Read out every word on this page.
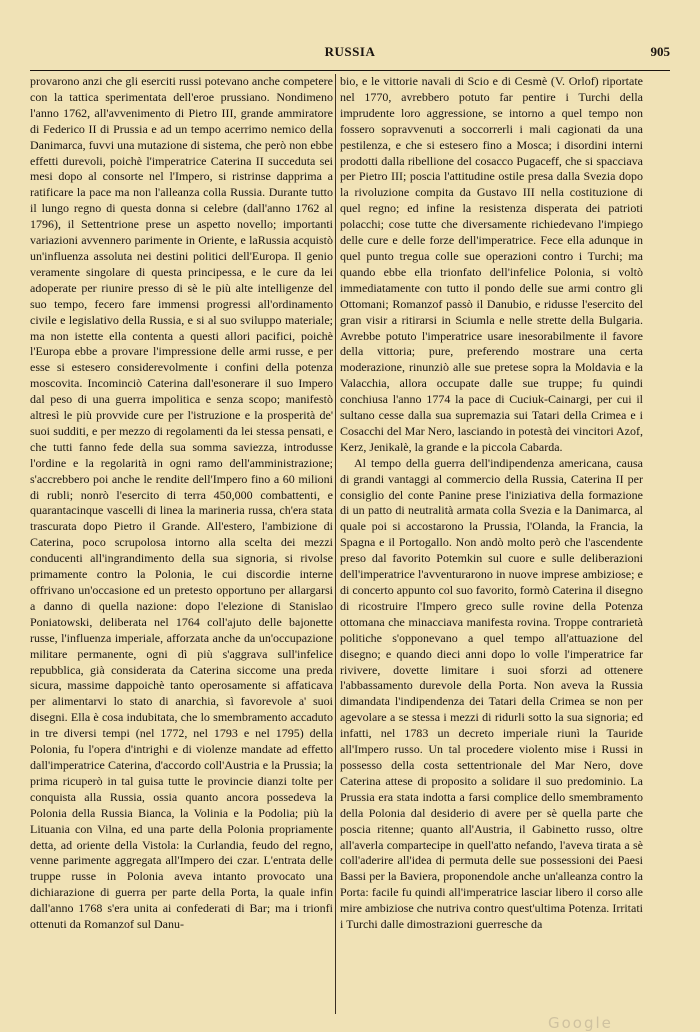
RUSSIA	905

provarono anzi che gli eserciti russi potevano anche competere con la tattica sperimentata dell'eroe prussiano. Nondimeno l'anno 1762, all'avvenimento di Pietro III, grande ammiratore di Federico II di Prussia e ad un tempo acerrimo nemico della Danimarca, fuvvi una mutazione di sistema, che però non ebbe effetti durevoli, poichè l'imperatrice Caterina II succeduta sei mesi dopo al consorte nel l'Impero, si ristrinse dapprima a ratificare la pace ma non l'alleanza colla Russia. Durante tutto il lungo regno di questa donna si celebre (dall'anno 1762 al 1796), il Settentrione prese un aspetto novello; importanti variazioni avvennero parimente in Oriente, e laRussia acquistò un'influenza assoluta nei destini politici dell'Europa. Il genio veramente singolare di questa principessa, e le cure da lei adoperate per riunire presso di sè le più alte intelligenze del suo tempo, fecero fare immensi progressi all'ordinamento civile e legislativo della Russia, e si al suo sviluppo materiale; ma non istette ella contenta a questi allori pacifici, poichè l'Europa ebbe a provare l'impressione delle armi russe, e per esse si estesero considerevolmente i confini della potenza moscovita. Incominciò Caterina dall'esonerare il suo Impero dal peso di una guerra impolitica e senza scopo; manifestò altresì le più provvide cure per l'istruzione e la prosperità de' suoi sudditi, e per mezzo di regolamenti da lei stessa pensati, e che tutti fanno fede della sua somma saviezza, introdusse l'ordine e la regolarità in ogni ramo dell'amministrazione; s'accrebbero poi anche le rendite dell'Impero fino a 60 milioni di rubli; nonrò l'esercito di terra 450,000 combattenti, e quarantacinque vascelli di linea la marineria russa, ch'era stata trascurata dopo Pietro il Grande. All'estero, l'ambizione di Caterina, poco scrupolosa intorno alla scelta dei mezzi conducenti all'ingrandimento della sua signoria, si rivolse primamente contro la Polonia, le cui discordie interne offrivano un'occasione ed un pretesto opportuno per allargarsi a danno di quella nazione: dopo l'elezione di Stanislao Poniatowski, deliberata nel 1764 coll'ajuto delle bajonette russe, l'influenza imperiale, afforzata anche da un'occupazione militare permanente, ogni dì più s'aggrava sull'infelice repubblica, già considerata da Caterina siccome una preda sicura, massime dappoichè tanto operosamente si affaticava per alimentarvi lo stato di anarchia, sì favorevole a' suoi disegni. Ella è cosa indubitata, che lo smembramento accaduto in tre diversi tempi (nel 1772, nel 1793 e nel 1795) della Polonia, fu l'opera d'intrighi e di violenze mandate ad effetto dall'imperatrice Caterina, d'accordo coll'Austria e la Prussia; la prima ricuperò in tal guisa tutte le provincie dianzi tolte per conquista alla Russia, ossia quanto ancora possedeva la Polonia della Russia Bianca, la Volinia e la Podolia; più la Lituania con Vilna, ed una parte della Polonia propriamente detta, ad oriente della Vistola: la Curlandia, feudo del regno, venne parimente aggregata all'Impero dei czar. L'entrata delle truppe russe in Polonia aveva intanto provocato una dichiarazione di guerra per parte della Porta, la quale infin dall'anno 1768 s'era unita ai confederati di Bar; ma i trionfi ottenuti da Romanzof sul Danu-

bio, e le vittorie navali di Scio e di Cesmè (V. Orlof) riportate nel 1770, avrebbero potuto far pentire i Turchi della imprudente loro aggressione, se intorno a quel tempo non fossero sopravvenuti a soccorrerli i mali cagionati da una pestilenza, e che si estesero fino a Mosca; i disordini interni prodotti dalla ribellione del cosacco Pugaceff, che si spacciava per Pietro III; poscia l'attitudine ostile presa dalla Svezia dopo la rivoluzione compita da Gustavo III nella costituzione di quel regno; ed infine la resistenza disperata dei patrioti polacchi; cose tutte che diversamente richiedevano l'impiego delle cure e delle forze dell'imperatrice. Fece ella adunque in quel punto tregua colle sue operazioni contro i Turchi; ma quando ebbe ella trionfato dell'infelice Polonia, si voltò immediatamente con tutto il pondo delle sue armi contro gli Ottomani; Romanzof passò il Danubio, e ridusse l'esercito del gran visir a ritirarsi in Sciumla e nelle strette della Bulgaria. Avrebbe potuto l'imperatrice usare inesorabilmente il favore della vittoria; pure, preferendo mostrare una certa moderazione, rinunziò alle sue pretese sopra la Moldavia e la Valacchia, allora occupate dalle sue truppe; fu quindi conchiusa l'anno 1774 la pace di Cuciuk-Cainargi, per cui il sultano cesse dalla sua supremazia sui Tatari della Crimea e i Cosacchi del Mar Nero, lasciando in potestà dei vincitori Azof, Kerz, Jenikalè, la grande e la piccola Cabarda.

Al tempo della guerra dell'indipendenza americana, causa di grandi vantaggi al commercio della Russia, Caterina II per consiglio del conte Panine prese l'iniziativa della formazione di un patto di neutralità armata colla Svezia e la Danimarca, al quale poi si accostarono la Prussia, l'Olanda, la Francia, la Spagna e il Portogallo. Non andò molto però che l'ascendente preso dal favorito Potemkin sul cuore e sulle deliberazioni dell'imperatrice l'avventurarono in nuove imprese ambiziose; e di concerto appunto col suo favorito, formò Caterina il disegno di ricostruire l'Impero greco sulle rovine della Potenza ottomana che minacciava manifesta rovina. Troppe contrarietà politiche s'opponevano a quel tempo all'attuazione del disegno; e quando dieci anni dopo lo volle l'imperatrice far rivivere, dovette limitare i suoi sforzi ad ottenere l'abbassamento durevole della Porta. Non aveva la Russia dimandata l'indipendenza dei Tatari della Crimea se non per agevolare a se stessa i mezzi di ridurli sotto la sua signoria; ed infatti, nel 1783 un decreto imperiale riunì la Tauride all'Impero russo. Un tal procedere violento mise i Russi in possesso della costa settentrionale del Mar Nero, dove Caterina attese di proposito a solidare il suo predominio. La Prussia era stata indotta a farsi complice dello smembramento della Polonia dal desiderio di avere per sè quella parte che poscia ritenne; quanto all'Austria, il Gabinetto russo, oltre all'averla compartecipe in quell'atto nefando, l'aveva tirata a sè coll'aderire all'idea di permuta delle sue possessioni dei Paesi Bassi per la Baviera, proponendole anche un'alleanza contro la Porta: facile fu quindi all'imperatrice lasciar libero il corso alle mire ambiziose che nutriva contro quest'ultima Potenza. Irritati i Turchi dalle dimostrazioni guerresche da

Google
